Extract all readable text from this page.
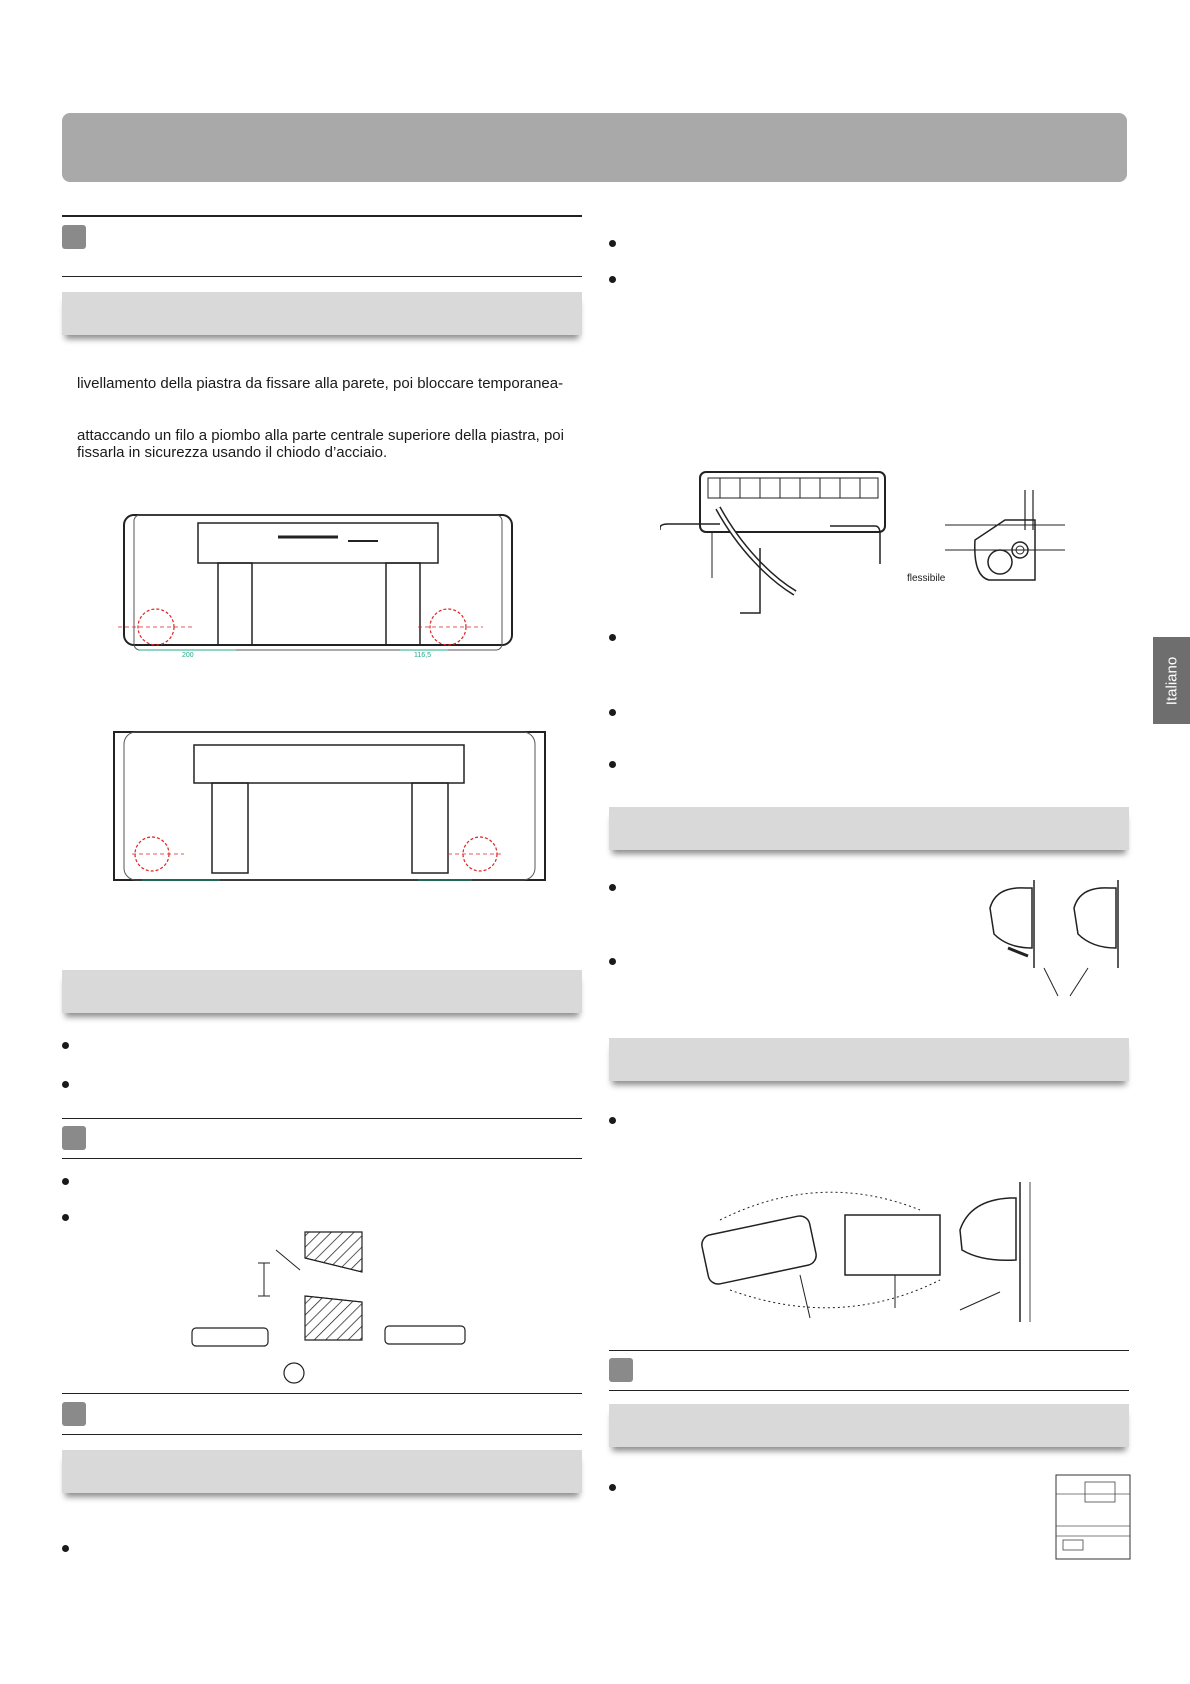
livellamento della piastra da fissare alla parete, poi bloccare temporanea-
attaccando un filo a piombo alla parte centrale superiore della piastra, poi
fissarla in sicurezza usando il chiodo d’acciaio.
200	116,5
flessibile
Italiano
